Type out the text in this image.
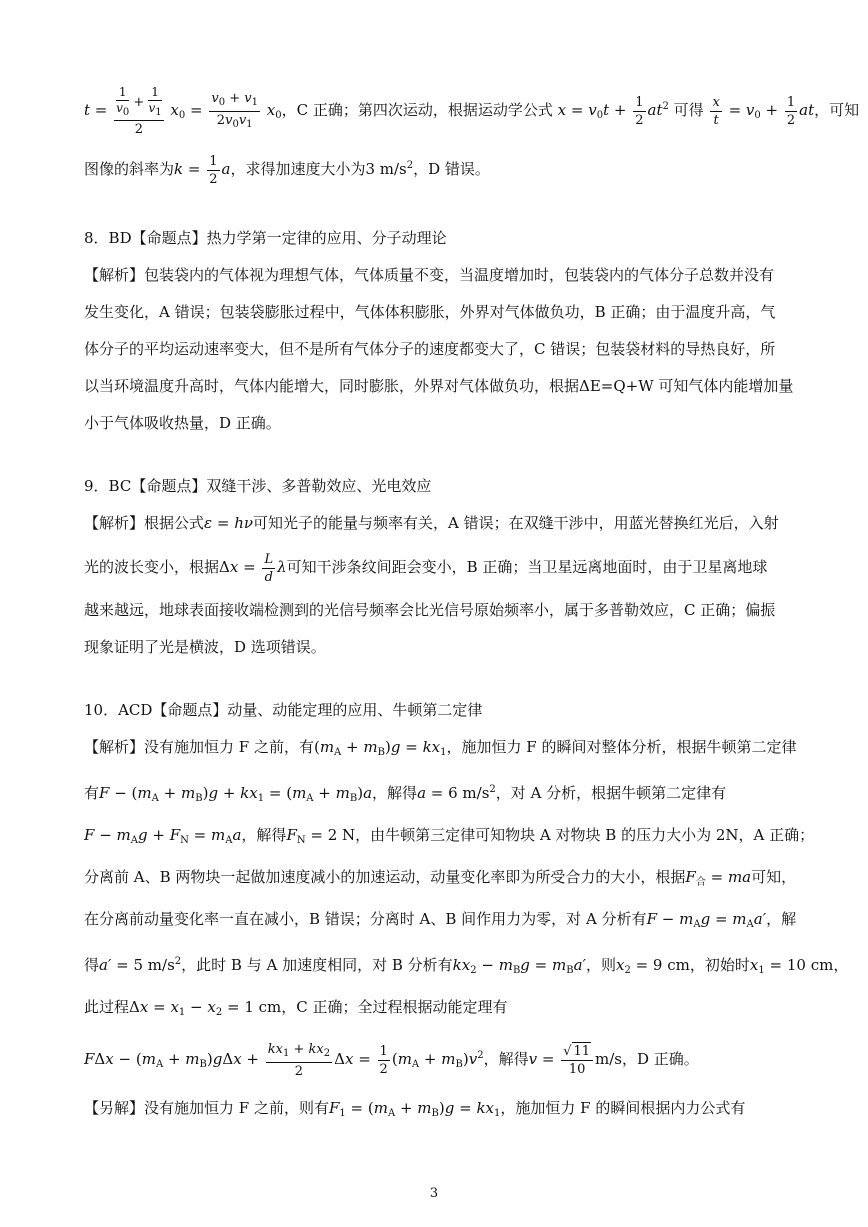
$t = \frac{\frac{1}{v_0} + \frac{1}{v_1}}{2} x_0 = \frac{v_0 + v_1}{2v_0v_1} x_0$，C 正确；第四次运动，根据运动学公式 $x = v_0t + \frac{1}{2} at^2$ 可得 $\frac{x}{t} = v_0 + \frac{1}{2}$ at，可知
图像的斜率为$k = \frac{1}{2}$ a，求得加速度大小为3 $m/s^2$，D 错误。
8．BD【命题点】热力学第一定律的应用、分子动理论
【解析】包装袋内的气体视为理想气体，气体质量不变，当温度增加时，包装袋内的气体分子总数并没有
发生变化，A 错误；包装袋膨胀过程中，气体体积膨胀，外界对气体做负功，B 正确；由于温度升高，气
体分子的平均运动速率变大，但不是所有气体分子的速度都变大了，C 错误；包装袋材料的导热良好，所
以当环境温度升高时，气体内能增大，同时膨胀，外界对气体做负功，根据ΔE=Q+W 可知气体内能增加量
小于气体吸收热量，D 正确。
9．BC【命题点】双缝干涉、多普勒效应、光电效应
【解析】根据公式ε = hν可知光子的能量与频率有关，A 错误；在双缝干涉中，用蓝光替换红光后，入射
光的波长变小，根据$\Delta x = \frac{L}{d}$ λ可知干涉条纹间距会变小，B 正确；当卫星远离地面时，由于卫星离地球
越来越远，地球表面接收端检测到的光信号频率会比光信号原始频率小，属于多普勒效应，C 正确；偏振
现象证明了光是横波，D 选项错误。
10．ACD【命题点】动量、动能定理的应用、牛顿第二定律
【解析】没有施加恒力 F 之前，有$(m_A + m_B)g = kx_1$，施加恒力 F 的瞬间对整体分析，根据牛顿第二定律
有$F - (m_A + m_B)g + kx_1 = (m_A + m_B)a$，解得a = 6 $m/s^2$，对 A 分析，根据牛顿第二定律有
$F - m_Ag + F_N = m_Aa$，解得$F_N = 2$ N，由牛顿第三定律可知物块 A 对物块 B 的压力大小为 2N，A 正确；
分离前 A、B 两物块一起做加速度减小的加速运动，动量变化率即为所受合力的大小，根据$F_合$ = ma可知，
在分离前动量变化率一直在减小，B 错误；分离时 A、B 间作用力为零，对 A 分析有$F - m_Ag = m_Aa'$，解
得a′ = 5 $m/s^2$，此时 B 与 A 加速度相同，对 B 分析有$kx_2 - m_Bg = m_Ba'$，则$x_2 = 9$ cm，初始时$x_1 = 10$ cm，
此过程$\Delta x = x_1 - x_2 = 1$ cm，C 正确；全过程根据动能定理有
$F\Delta x - (m_A + m_B)g\Delta x + \frac{kx_1 + kx_2}{2}$ $\Delta x = \frac{1}{2} (m_A + m_B)v^2$，解得$v = \frac{√ 11}{10} m/s$，D 正确。
【另解】没有施加恒力 F 之前，则有$F_1 = (m_A + m_B)g = kx_1$，施加恒力 F 的瞬间根据内力公式有
3
